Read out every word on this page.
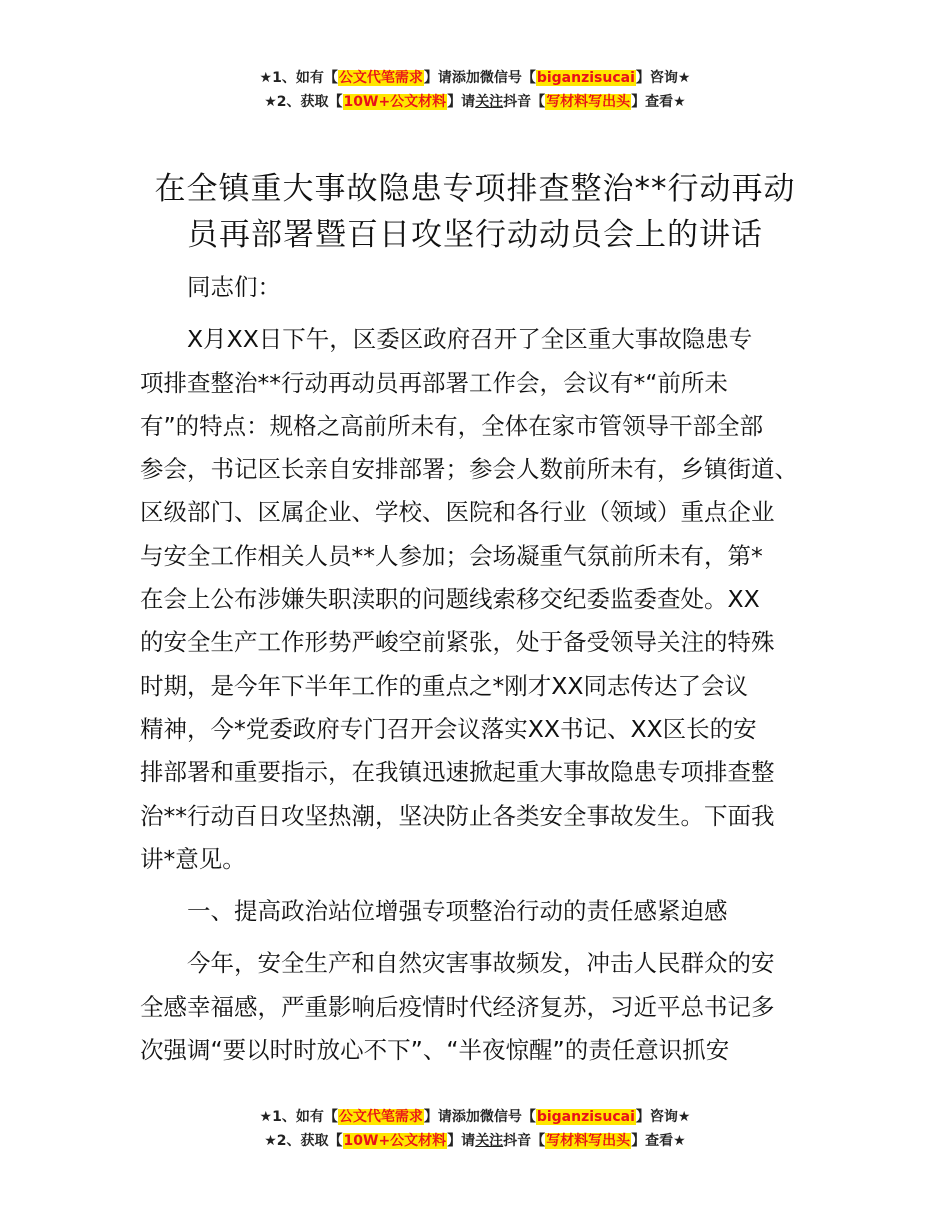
★1、如有【公文代笔需求】请添加微信号【biganzisucai】咨询★
★2、获取【10W+公文材料】请关注抖音【写材料写出头】查看★
在全镇重大事故隐患专项排查整治**行动再动
员再部署暨百日攻坚行动动员会上的讲话

同志们：

X月XX日下午，区委区政府召开了全区重大事故隐患专
项排查整治**行动再动员再部署工作会，会议有*“前所未
有”的特点：规格之高前所未有，全体在家市管领导干部全部
参会，书记区长亲自安排部署；参会人数前所未有，乡镇街道、
区级部门、区属企业、学校、医院和各行业（领域）重点企业
与安全工作相关人员**人参加；会场凝重气氛前所未有，第*
在会上公布涉嫌失职渎职的问题线索移交纪委监委查处。XX
的安全生产工作形势严峻空前紧张，处于备受领导关注的特殊
时期，是今年下半年工作的重点之*刚才XX同志传达了会议
精神，今*党委政府专门召开会议落实XX书记、XX区长的安
排部署和重要指示，在我镇迅速掀起重大事故隐患专项排查整
治**行动百日攻坚热潮，坚决防止各类安全事故发生。下面我
讲*意见。

一、提高政治站位增强专项整治行动的责任感紧迫感

今年，安全生产和自然灾害事故频发，冲击人民群众的安
全感幸福感，严重影响后疫情时代经济复苏，习近平总书记多
次强调“要以时时放心不下”、“半夜惊醒”的责任意识抓安

★1、如有【公文代笔需求】请添加微信号【biganzisucai】咨询★
★2、获取【10W+公文材料】请关注抖音【写材料写出头】查看★
